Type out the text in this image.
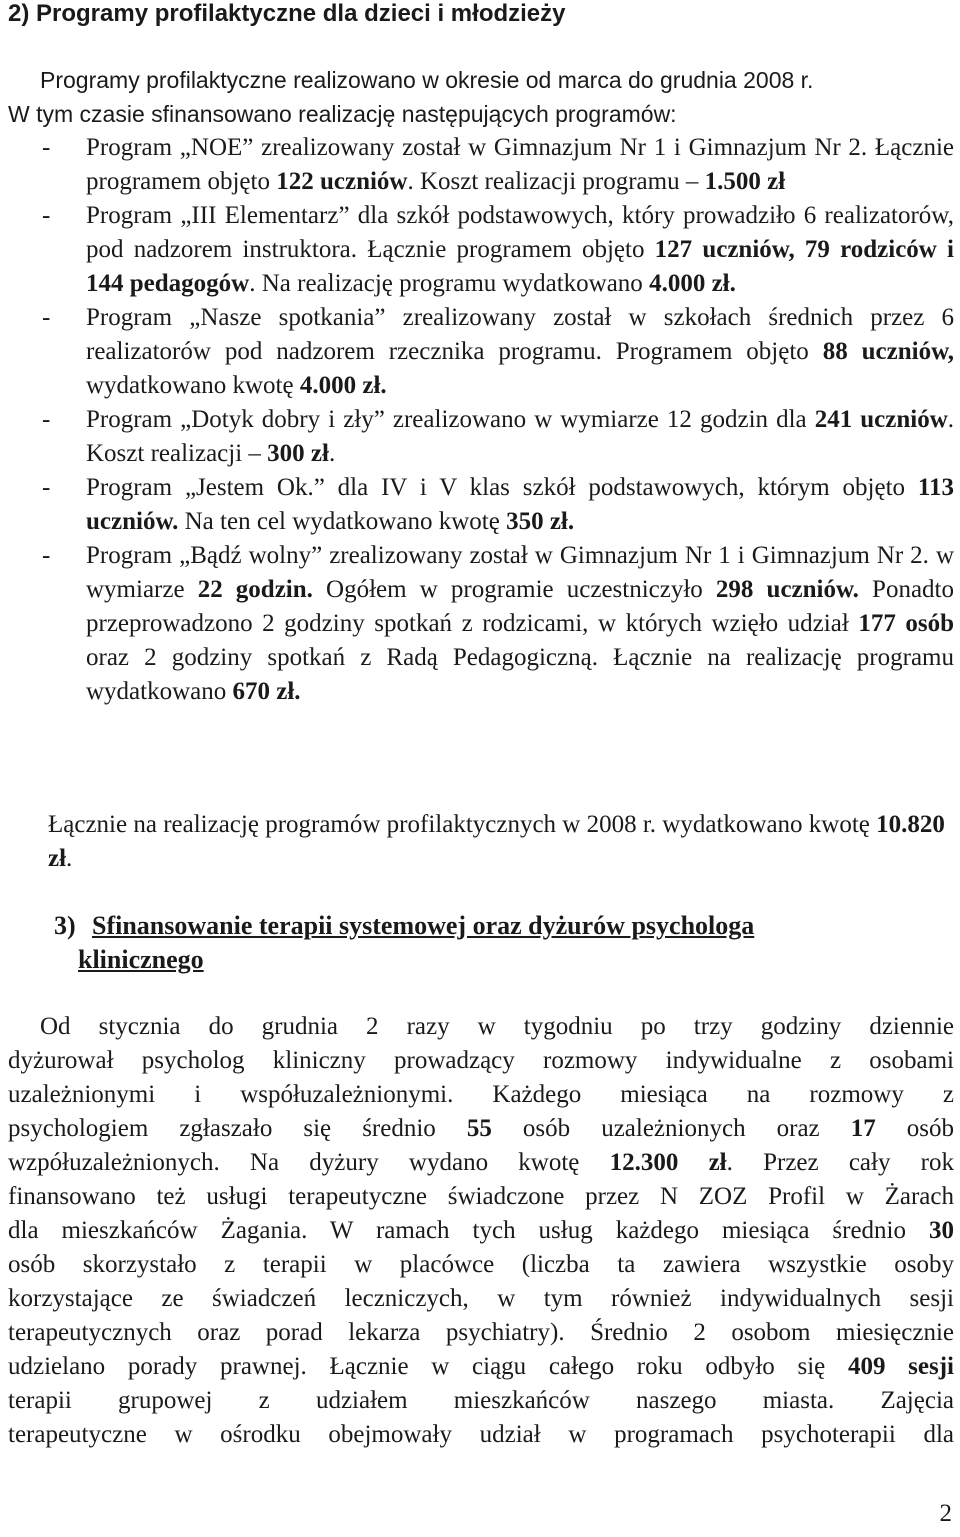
2) Programy profilaktyczne dla dzieci i młodzieży
Programy profilaktyczne realizowano w okresie od marca do grudnia 2008 r.
W tym czasie sfinansowano realizację następujących programów:
- Program „NOE” zrealizowany został w Gimnazjum Nr 1 i Gimnazjum Nr 2. Łącznie programem objęto 122 uczniów. Koszt realizacji programu – 1.500 zł
- Program „III Elementarz” dla szkół podstawowych, który prowadziło 6 realizatorów, pod nadzorem instruktora. Łącznie programem objęto 127 uczniów, 79 rodziców i 144 pedagogów. Na realizację programu wydatkowano 4.000 zł.
- Program „Nasze spotkania” zrealizowany został w szkołach średnich przez 6 realizatorów pod nadzorem rzecznika programu. Programem objęto 88 uczniów, wydatkowano kwotę 4.000 zł.
- Program „Dotyk dobry i zły” zrealizowano w wymiarze 12 godzin dla 241 uczniów. Koszt realizacji – 300 zł.
- Program „Jestem Ok.” dla IV i V klas szkół podstawowych, którym objęto 113 uczniów. Na ten cel wydatkowano kwotę 350 zł.
- Program „Bądź wolny” zrealizowany został w Gimnazjum Nr 1 i Gimnazjum Nr 2. w wymiarze 22 godzin. Ogółem w programie uczestniczyło 298 uczniów. Ponadto przeprowadzono 2 godziny spotkań z rodzicami, w których wzięło udział 177 osób oraz 2 godziny spotkań z Radą Pedagogiczną. Łącznie na realizację programu wydatkowano 670 zł.
Łącznie na realizację programów profilaktycznych w 2008 r. wydatkowano kwotę 10.820 zł.
3) Sfinansowanie terapii systemowej oraz dyżurów psychologa
klinicznego
Od stycznia do grudnia 2 razy w tygodniu po trzy godziny dziennie
dyżurował psycholog kliniczny prowadzący rozmowy indywidualne z osobami
uzależnionymi i współuzależnionymi. Każdego miesiąca na rozmowy z
psychologiem zgłaszało się średnio 55 osób uzależnionych oraz 17 osób
wzpółuzależnionych. Na dyżury wydano kwotę 12.300 zł. Przez cały rok
finansowano też usługi terapeutyczne świadczone przez N ZOZ Profil w Żarach
dla mieszkańców Żagania. W ramach tych usług każdego miesiąca średnio 30
osób skorzystało z terapii w placówce (liczba ta zawiera wszystkie osoby
korzystające ze świadczeń leczniczych, w tym również indywidualnych sesji
terapeutycznych oraz porad lekarza psychiatry). Średnio 2 osobom miesięcznie
udzielano porady prawnej. Łącznie w ciągu całego roku odbyło się 409 sesji
terapii grupowej z udziałem mieszkańców naszego miasta. Zajęcia
terapeutyczne w ośrodku obejmowały udział w programach psychoterapii dla
2
